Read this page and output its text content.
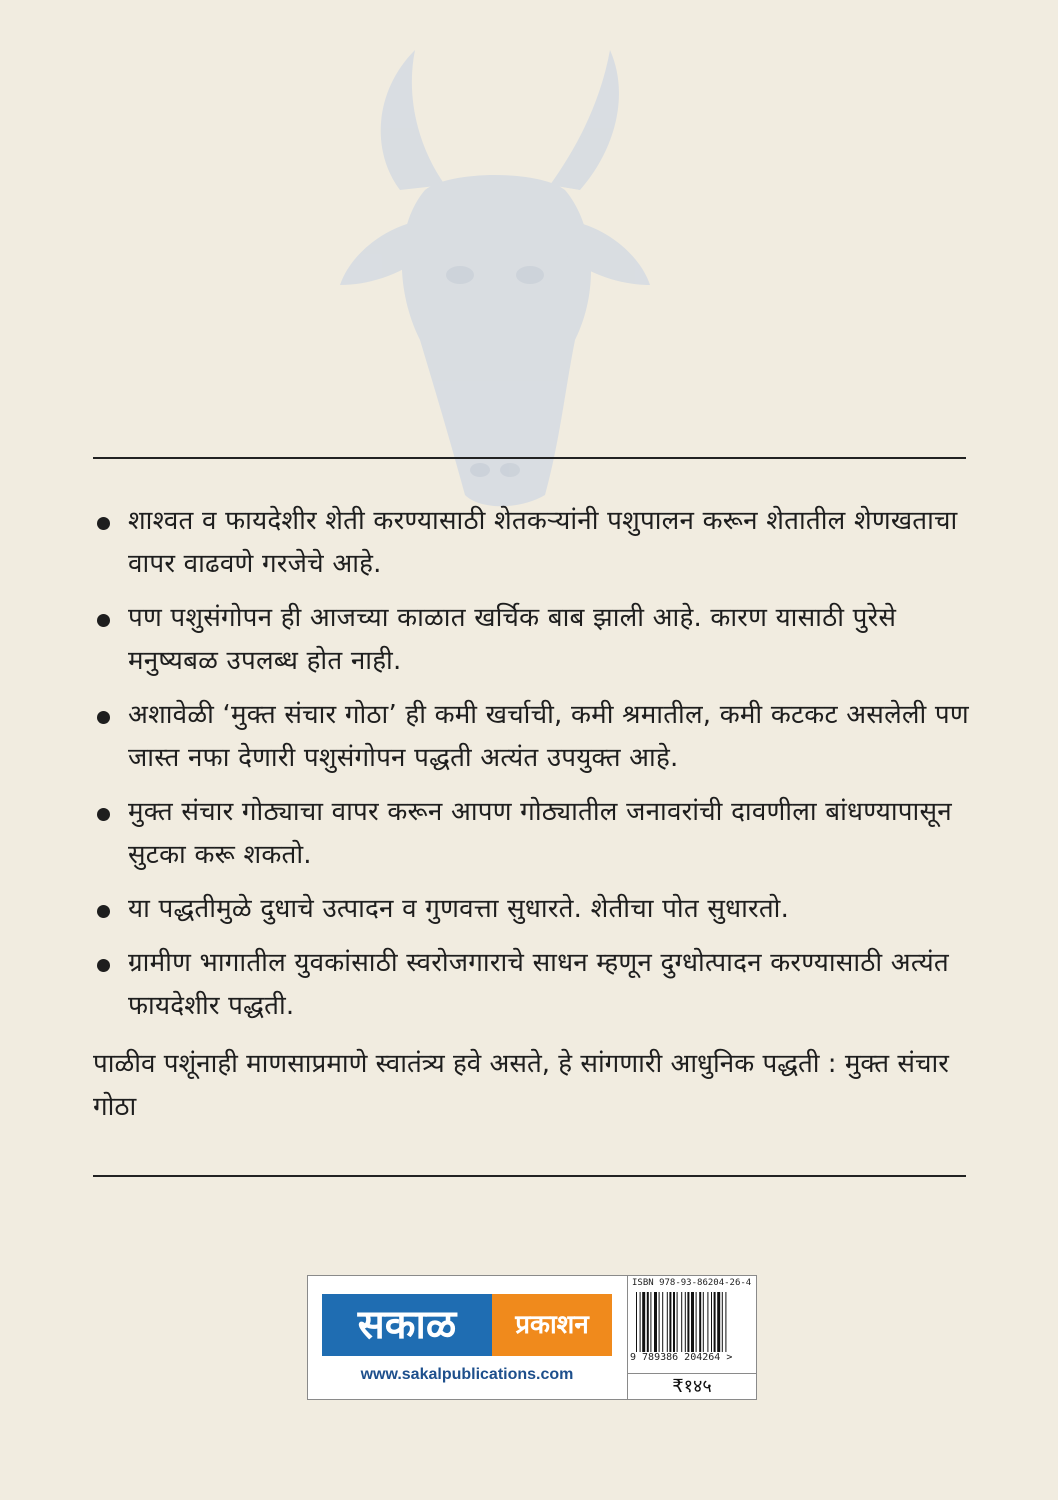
शाश्वत व फायदेशीर शेती करण्यासाठी शेतकऱ्यांनी पशुपालन करून शेतातील शेणखताचा वापर वाढवणे गरजेचे आहे.
पण पशुसंगोपन ही आजच्या काळात खर्चिक बाब झाली आहे. कारण यासाठी पुरेसे मनुष्यबळ उपलब्ध होत नाही.
अशावेळी ‘मुक्त संचार गोठा’ ही कमी खर्चाची, कमी श्रमातील, कमी कटकट असलेली पण जास्त नफा देणारी पशुसंगोपन पद्धती अत्यंत उपयुक्त आहे.
मुक्त संचार गोठ्याचा वापर करून आपण गोठ्यातील जनावरांची दावणीला बांधण्यापासून सुटका करू शकतो.
या पद्धतीमुळे दुधाचे उत्पादन व गुणवत्ता सुधारते. शेतीचा पोत सुधारतो.
ग्रामीण भागातील युवकांसाठी स्वरोजगाराचे साधन म्हणून दुग्धोत्पादन करण्यासाठी अत्यंत फायदेशीर पद्धती.

पाळीव पशूंनाही माणसाप्रमाणे स्वातंत्र्य हवे असते, हे सांगणारी आधुनिक पद्धती : मुक्त संचार गोठा

सकाळ	प्रकाशन
www.sakalpublications.com
ISBN 978-93-86204-26-4
9 789386 204264 >
₹१४५
